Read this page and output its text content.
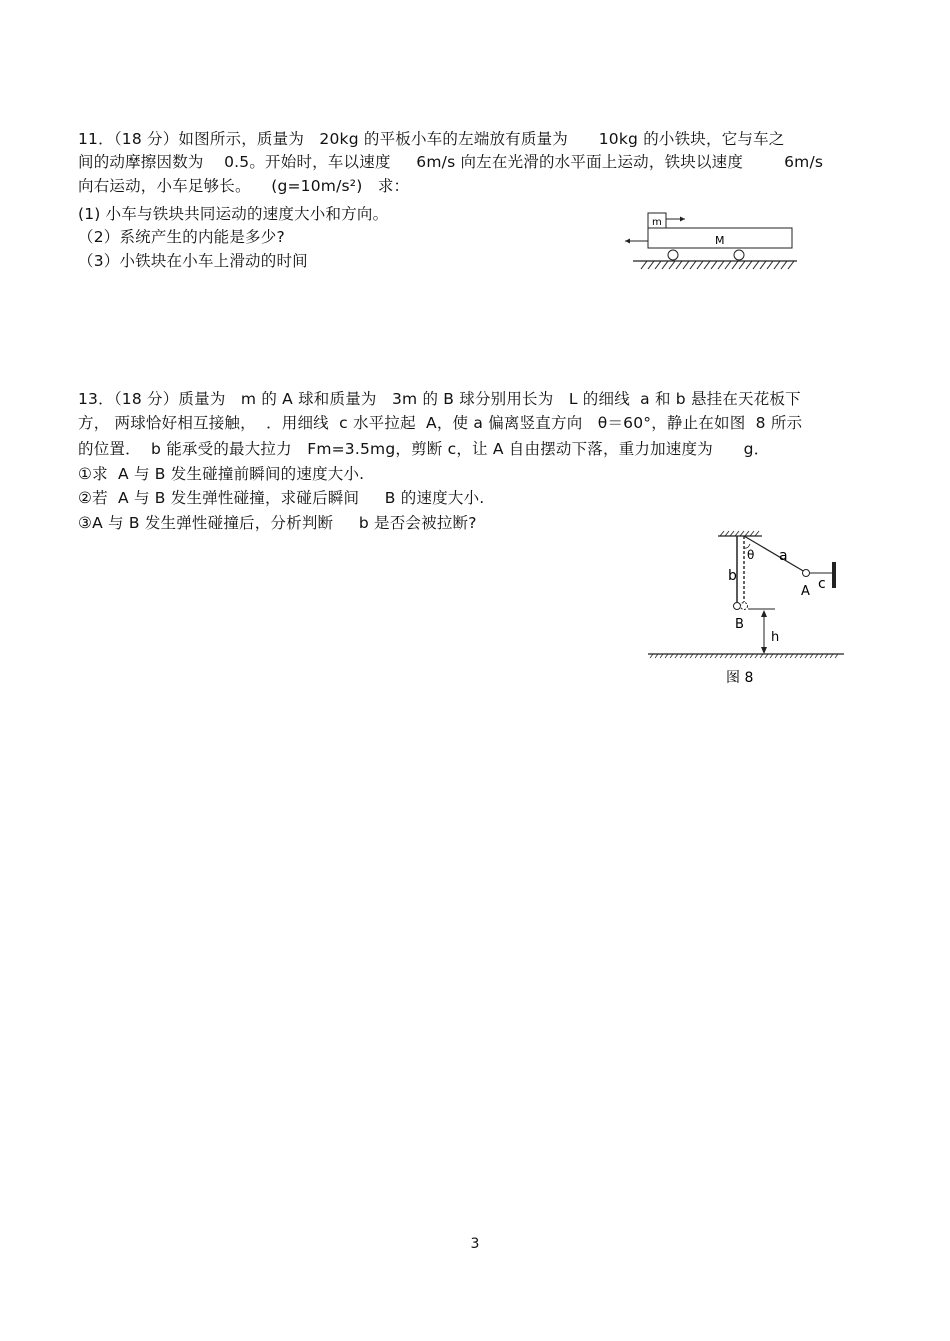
11．（18 分）如图所示，质量为   20kg 的平板小车的左端放有质量为      10kg 的小铁块，它与车之
间的动摩擦因数为    0.5。开始时，车以速度     6m/s 向左在光滑的水平面上运动，铁块以速度        6m/s
向右运动，小车足够长。    (g=10m/s²)   求：
(1) 小车与铁块共同运动的速度大小和方向。
（2）系统产生的内能是多少?
（3）小铁块在小车上滑动的时间
m
M
13．（18 分）质量为   m 的 A 球和质量为   3m 的 B 球分别用长为   L 的细线  a 和 b 悬挂在天花板下
方， 两球恰好相互接触，  ．用细线  c 水平拉起  A，使 a 偏离竖直方向   θ＝60°，静止在如图  8 所示
的位置．  b 能承受的最大拉力   Fm=3.5mg，剪断 c，让 A 自由摆动下落，重力加速度为      g．
①求  A 与 B 发生碰撞前瞬间的速度大小.
②若  A 与 B 发生弹性碰撞，求碰后瞬间     B 的速度大小.
③A 与 B 发生弹性碰撞后，分析判断     b 是否会被拉断?
θ a
b
A c
B
h
图 8
3
